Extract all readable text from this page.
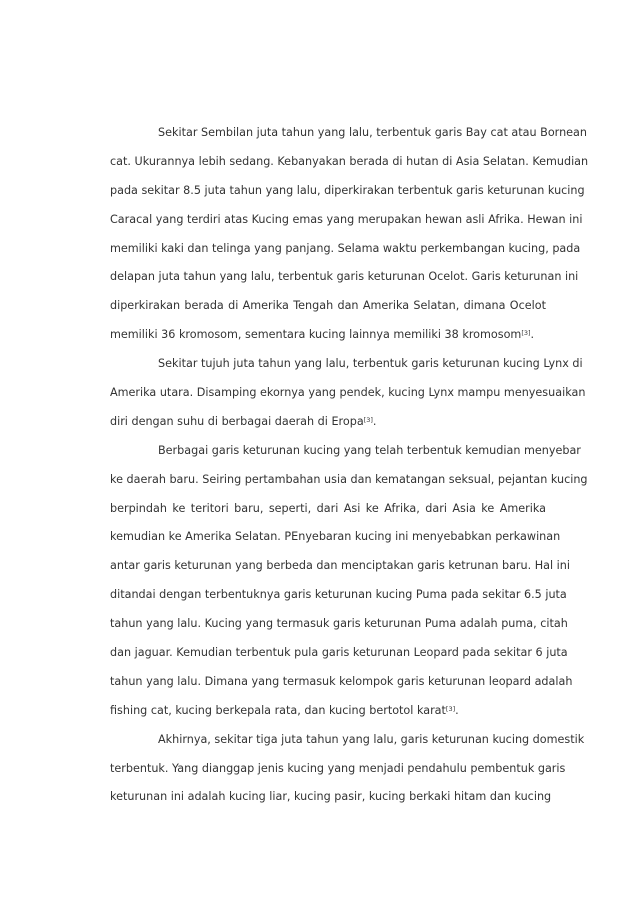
Sekitar Sembilan juta tahun yang lalu, terbentuk garis Bay cat atau Bornean
cat. Ukurannya lebih sedang. Kebanyakan berada di hutan di Asia Selatan. Kemudian
pada sekitar 8.5 juta tahun yang lalu, diperkirakan terbentuk garis keturunan kucing
Caracal yang terdiri atas Kucing emas yang merupakan hewan asli Afrika. Hewan ini
memiliki kaki dan telinga yang panjang. Selama waktu perkembangan kucing, pada
delapan juta tahun yang lalu, terbentuk garis keturunan Ocelot. Garis keturunan ini
diperkirakan berada di Amerika Tengah dan Amerika Selatan, dimana Ocelot
memiliki 36 kromosom, sementara kucing lainnya memiliki 38 kromosom[3].
Sekitar tujuh juta tahun yang lalu, terbentuk garis keturunan kucing Lynx di
Amerika utara. Disamping ekornya yang pendek, kucing Lynx mampu menyesuaikan
diri dengan suhu di berbagai daerah di Eropa[3].
Berbagai garis keturunan kucing yang telah terbentuk kemudian menyebar
ke daerah baru. Seiring pertambahan usia dan kematangan seksual, pejantan kucing
berpindah ke teritori baru, seperti, dari Asi ke Afrika, dari Asia ke Amerika
kemudian ke Amerika Selatan. PEnyebaran kucing ini menyebabkan perkawinan
antar garis keturunan yang berbeda dan menciptakan garis ketrunan baru. Hal ini
ditandai dengan terbentuknya garis keturunan kucing Puma pada sekitar 6.5 juta
tahun yang lalu. Kucing yang termasuk garis keturunan Puma adalah puma, citah
dan jaguar. Kemudian terbentuk pula garis keturunan Leopard pada sekitar 6 juta
tahun yang lalu. Dimana yang termasuk kelompok garis keturunan leopard adalah
fishing cat, kucing berkepala rata, dan kucing bertotol karat[3].
Akhirnya, sekitar tiga juta tahun yang lalu, garis keturunan kucing domestik
terbentuk. Yang dianggap jenis kucing yang menjadi pendahulu pembentuk garis
keturunan ini adalah kucing liar, kucing pasir, kucing berkaki hitam dan kucing
